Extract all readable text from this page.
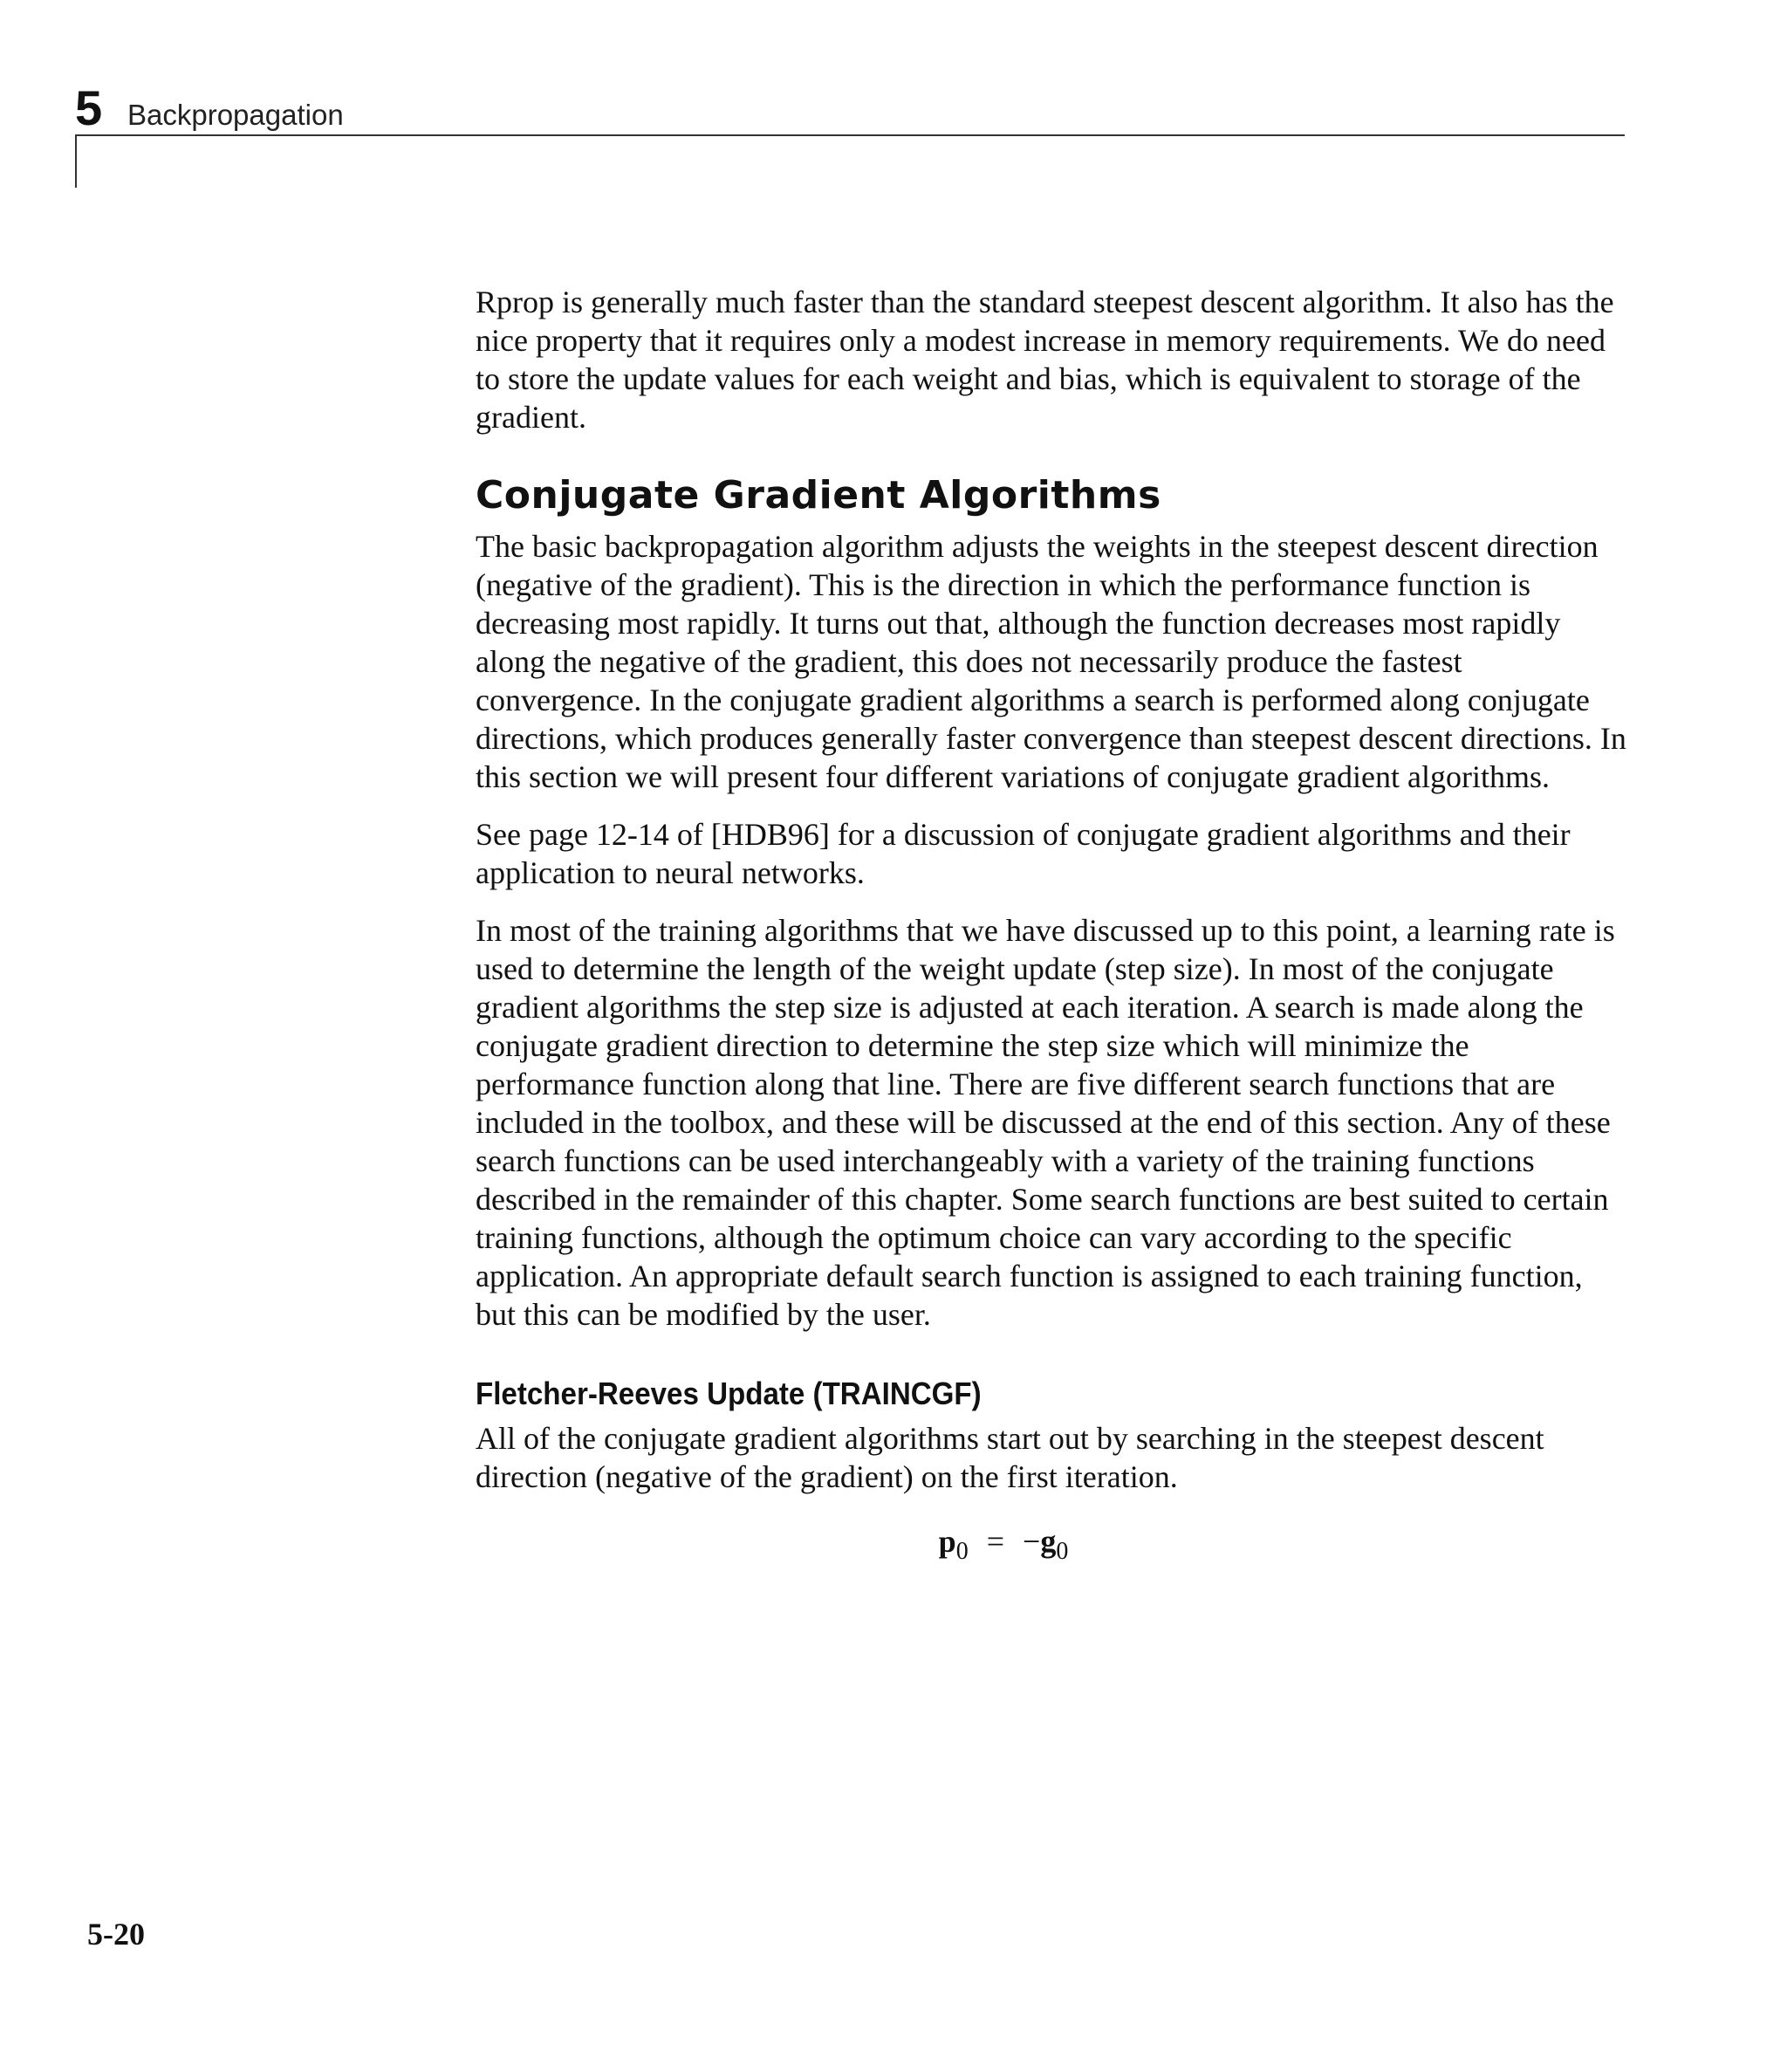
5 Backpropagation

Rprop is generally much faster than the standard steepest descent algorithm. It also has the nice property that it requires only a modest increase in memory requirements. We do need to store the update values for each weight and bias, which is equivalent to storage of the gradient.

Conjugate Gradient Algorithms

The basic backpropagation algorithm adjusts the weights in the steepest descent direction (negative of the gradient). This is the direction in which the performance function is decreasing most rapidly. It turns out that, although the function decreases most rapidly along the negative of the gradient, this does not necessarily produce the fastest convergence. In the conjugate gradient algorithms a search is performed along conjugate directions, which produces generally faster convergence than steepest descent directions. In this section we will present four different variations of conjugate gradient algorithms.

See page 12-14 of [HDB96] for a discussion of conjugate gradient algorithms and their application to neural networks.

In most of the training algorithms that we have discussed up to this point, a learning rate is used to determine the length of the weight update (step size). In most of the conjugate gradient algorithms the step size is adjusted at each iteration. A search is made along the conjugate gradient direction to determine the step size which will minimize the performance function along that line. There are five different search functions that are included in the toolbox, and these will be discussed at the end of this section. Any of these search functions can be used interchangeably with a variety of the training functions described in the remainder of this chapter. Some search functions are best suited to certain training functions, although the optimum choice can vary according to the specific application. An appropriate default search function is assigned to each training function, but this can be modified by the user.

Fletcher-Reeves Update (TRAINCGF)

All of the conjugate gradient algorithms start out by searching in the steepest descent direction (negative of the gradient) on the first iteration.

$p_0 = -g_0$
5-20
